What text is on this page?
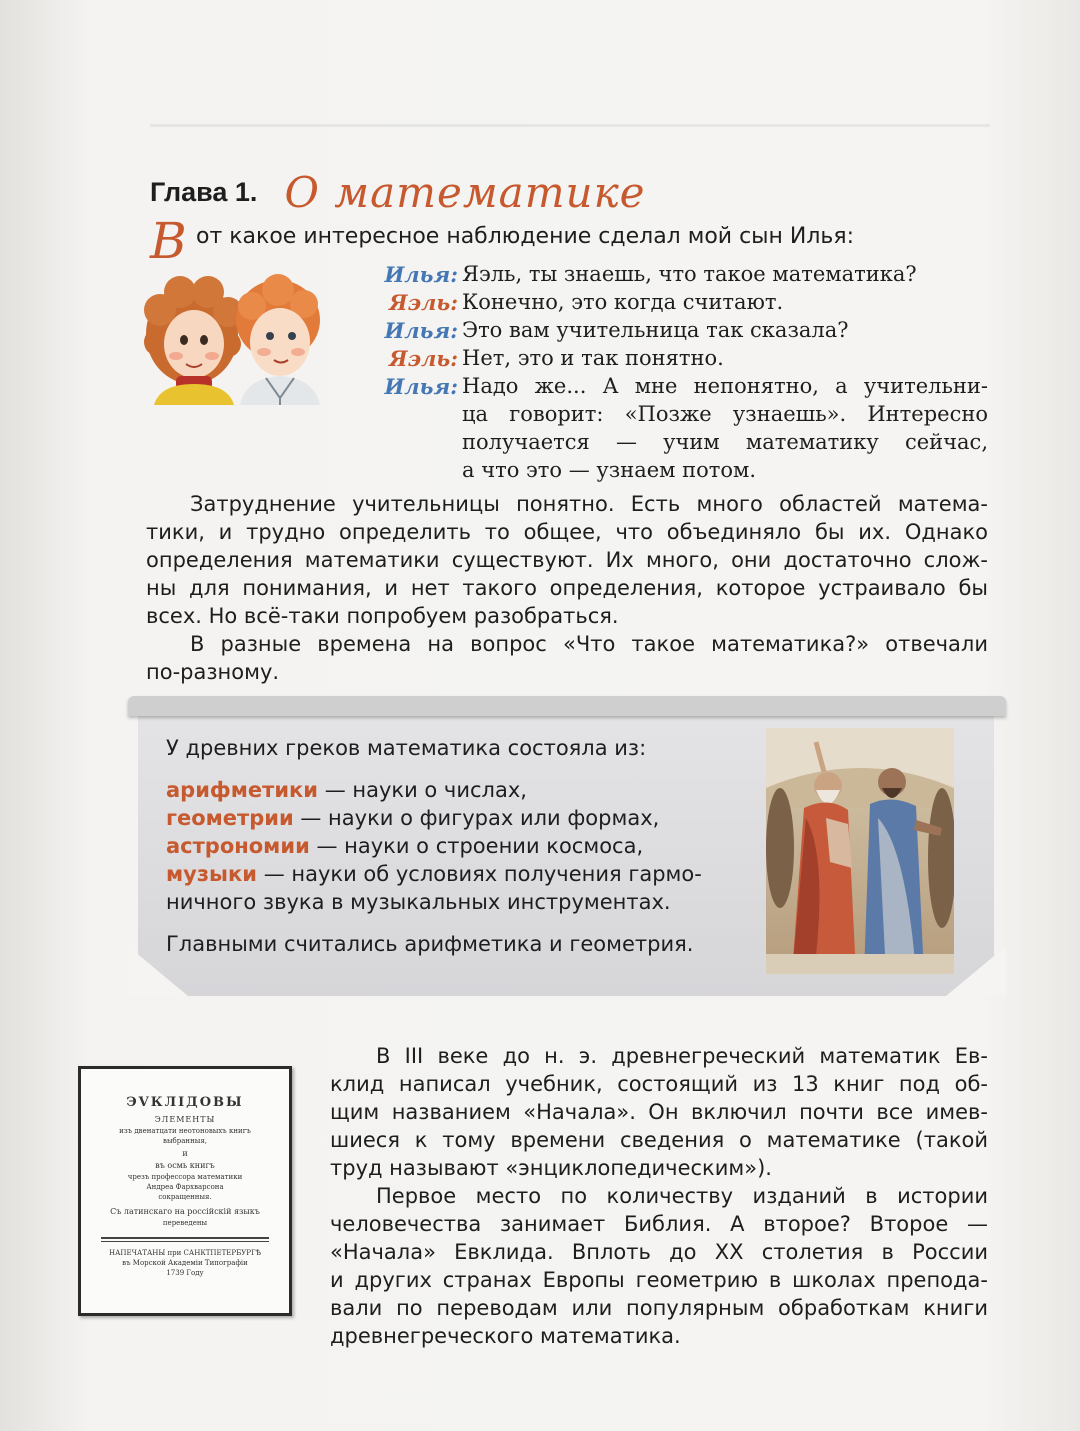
Глава 1. О математике
В от какое интересное наблюдение сделал мой сын Илья:
Илья: Яэль, ты знаешь, что такое математика?
Яэль: Конечно, это когда считают.
Илья: Это вам учительница так сказала?
Яэль: Нет, это и так понятно.
Илья: Надо же... А мне непонятно, а учительни-
ца говорит: «Позже узнаешь». Интересно
получается — учим математику сейчас,
а что это — узнаем потом.
Затруднение учительницы понятно. Есть много областей матема-
тики, и трудно определить то общее, что объединяло бы их. Однако
определения математики существуют. Их много, они достаточно слож-
ны для понимания, и нет такого определения, которое устраивало бы
всех. Но всё-таки попробуем разобраться.
В разные времена на вопрос «Что такое математика?» отвечали
по-разному.
У древних греков математика состояла из:
арифметики — науки о числах,
геометрии — науки о фигурах или формах,
астрономии — науки о строении космоса,
музыки — науки об условиях получения гармо-
ничного звука в музыкальных инструментах.
Главными считались арифметика и геометрия.
ЭVКЛIДОВЫ
ЭЛЕМЕНТЫ
изъ двенатцати неотоновыхъ книгъ
выбранныя,
и
въ осмь книгъ
чрезъ профессора математики
Андреа Фархварсона
сокращенныя.
Съ латинскаго на россiйскiй языкъ
переведены
НАПЕЧАТАНЫ при САНКТПЕТЕРБУРГѢ
въ Морской Академiи Типографiи
1739 Году
В III веке до н. э. древнегреческий математик Ев-
клид написал учебник, состоящий из 13 книг под об-
щим названием «Начала». Он включил почти все имев-
шиеся к тому времени сведения о математике (такой
труд называют «энциклопедическим»).
Первое место по количеству изданий в истории
человечества занимает Библия. А второе? Второе —
«Начала» Евклида. Вплоть до XX столетия в России
и других странах Европы геометрию в школах препода-
вали по переводам или популярным обработкам книги
древнегреческого математика.
